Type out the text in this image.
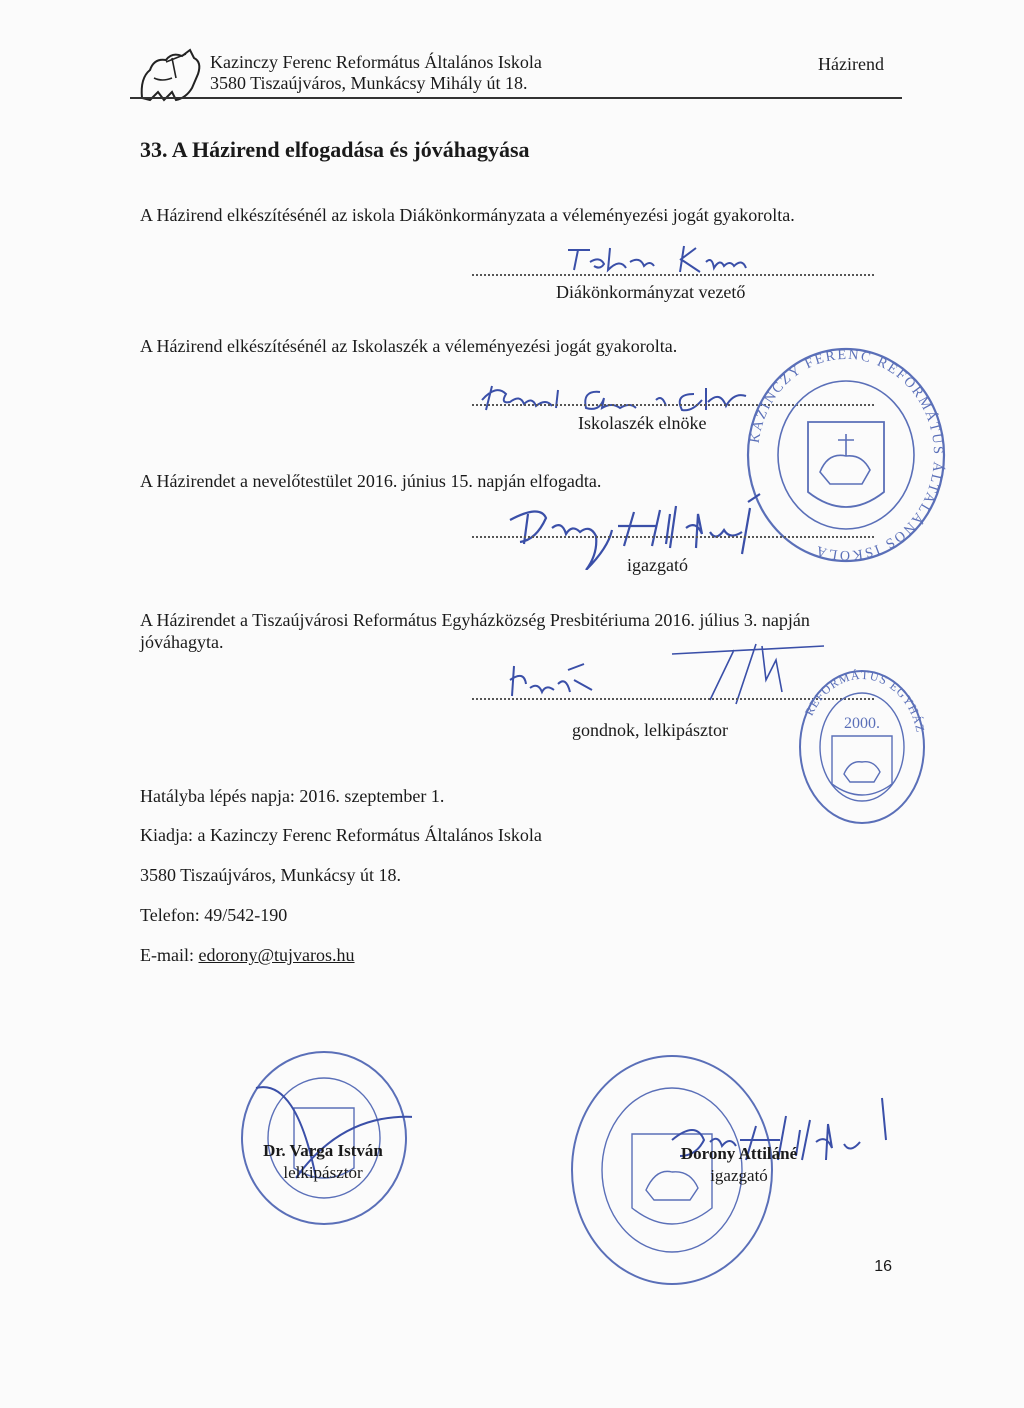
Kazinczy Ferenc Református Általános Iskola
3580 Tiszaújváros, Munkácsy Mihály út 18.
Házirend
33. A Házirend elfogadása és jóváhagyása
A Házirend elkészítésénél az iskola Diákönkormányzata a véleményezési jogát gyakorolta.
Diákönkormányzat vezető
A Házirend elkészítésénél az Iskolaszék a véleményezési jogát gyakorolta.
Iskolaszék elnöke
KAZINCZY FERENC REFORMÁTUS ÁLTALÁNOS ISKOLA
A Házirendet a nevelőtestület 2016. június 15. napján elfogadta.
igazgató
A Házirendet a Tiszaújvárosi Református Egyházközség Presbitériuma 2016. július 3. napján
jóváhagyta.
gondnok, lelkipásztor
REFORMÁTUS EGYHÁZ
2000.
Hatályba lépés napja: 2016. szeptember 1.
Kiadja: a Kazinczy Ferenc Református Általános Iskola
3580 Tiszaújváros, Munkácsy út 18.
Telefon: 49/542-190
E-mail: edorony@tujvaros.hu
Dr. Varga István
lelkipásztor
Dorony Attiláné
igazgató
16
